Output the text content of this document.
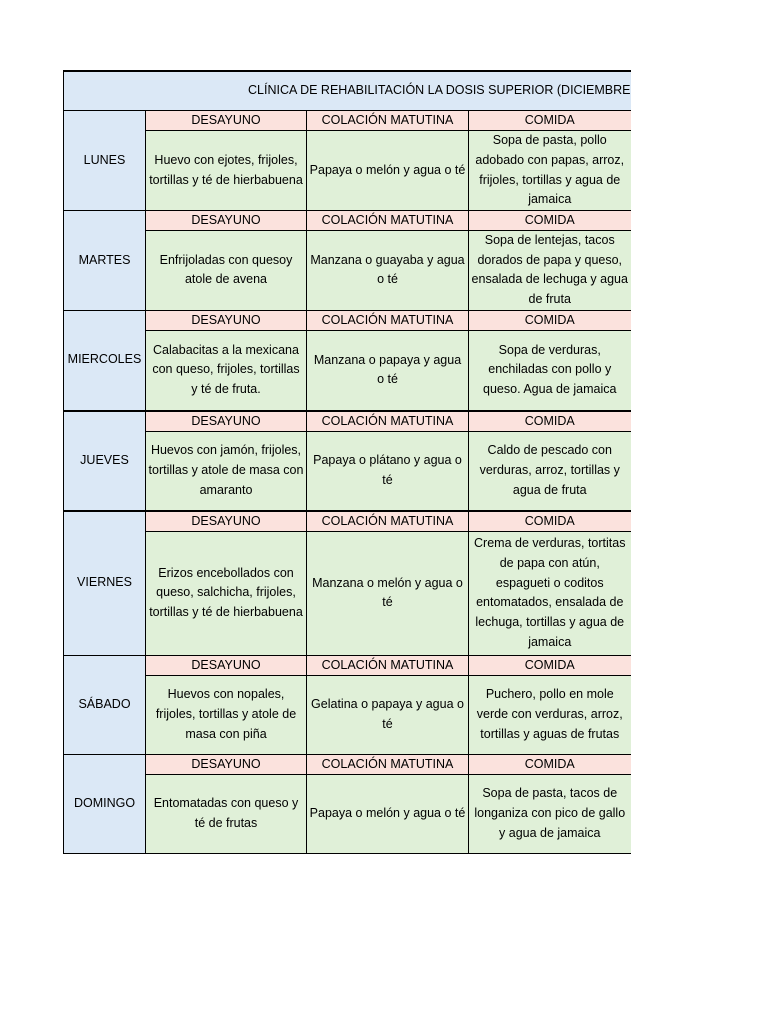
CLÍNICA DE REHABILITACIÓN LA DOSIS SUPERIOR (DICIEMBRE			
LUNES	DESAYUNO	COLACIÓN MATUTINA	COMIDA
	Huevo con ejotes, frijoles, tortillas y té de hierbabuena	Papaya o melón y agua o té	Sopa de pasta, pollo adobado con papas, arroz, frijoles, tortillas y agua de jamaica
MARTES	DESAYUNO	COLACIÓN MATUTINA	COMIDA
	Enfrijoladas con quesoy atole de avena	Manzana o guayaba y agua o té	Sopa de lentejas, tacos dorados de papa y queso, ensalada de lechuga y agua de fruta
MIERCOLES	DESAYUNO	COLACIÓN MATUTINA	COMIDA
	Calabacitas a la mexicana con queso, frijoles, tortillas y té de fruta.	Manzana o papaya y agua o té	Sopa de verduras, enchiladas con pollo y queso. Agua de jamaica
JUEVES	DESAYUNO	COLACIÓN MATUTINA	COMIDA
	Huevos con jamón, frijoles, tortillas y atole de masa con amaranto	Papaya o plátano y agua o té	Caldo de pescado con verduras, arroz, tortillas y agua de fruta
VIERNES	DESAYUNO	COLACIÓN MATUTINA	COMIDA
	Erizos encebollados con queso, salchicha, frijoles, tortillas y té de hierbabuena	Manzana o melón y agua o té	Crema de verduras, tortitas de papa con atún, espagueti o coditos entomatados, ensalada de lechuga, tortillas y agua de jamaica
SÁBADO	DESAYUNO	COLACIÓN MATUTINA	COMIDA
	Huevos con nopales, frijoles, tortillas y atole de masa con piña	Gelatina o papaya y agua o té	Puchero, pollo en mole verde con verduras, arroz, tortillas y aguas de frutas
DOMINGO	DESAYUNO	COLACIÓN MATUTINA	COMIDA
	Entomatadas con queso y té de frutas	Papaya o melón y agua o té	Sopa de pasta, tacos de longaniza con pico de gallo y agua de jamaica
